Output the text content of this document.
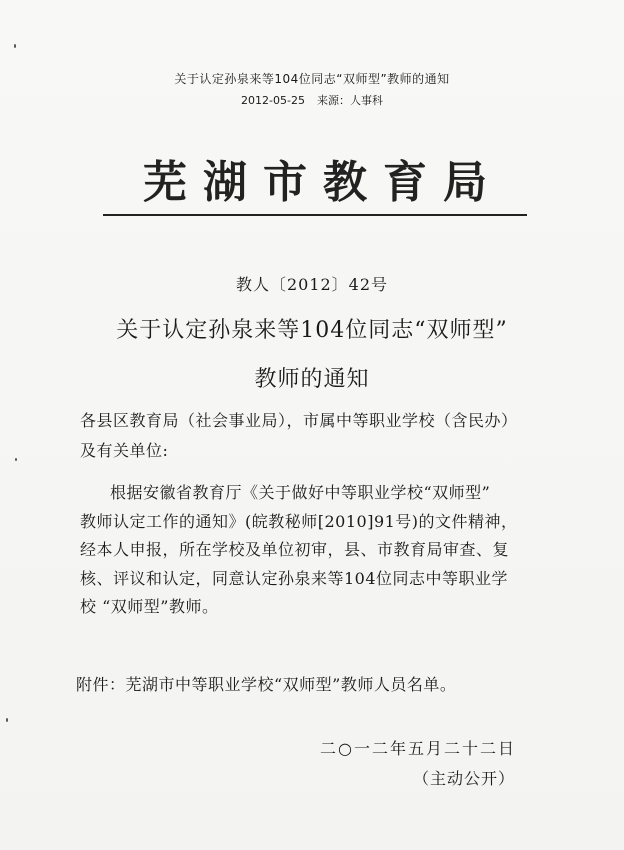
关于认定孙泉来等104位同志“双师型”教师的通知
2012-05-25 来源：人事科
芜湖市教育局
教人〔2012〕42号
关于认定孙泉来等104位同志“双师型”
教师的通知
各县区教育局（社会事业局），市属中等职业学校（含民办）
及有关单位:
根据安徽省教育厅《关于做好中等职业学校“双师型”
教师认定工作的通知》(皖教秘师[2010]91号)的文件精神，
经本人申报，所在学校及单位初审，县、市教育局审查、复
核、评议和认定，同意认定孙泉来等104位同志中等职业学
校 “双师型”教师。
附件：芜湖市中等职业学校“双师型”教师人员名单。
二○一二年五月二十二日
（主动公开）
